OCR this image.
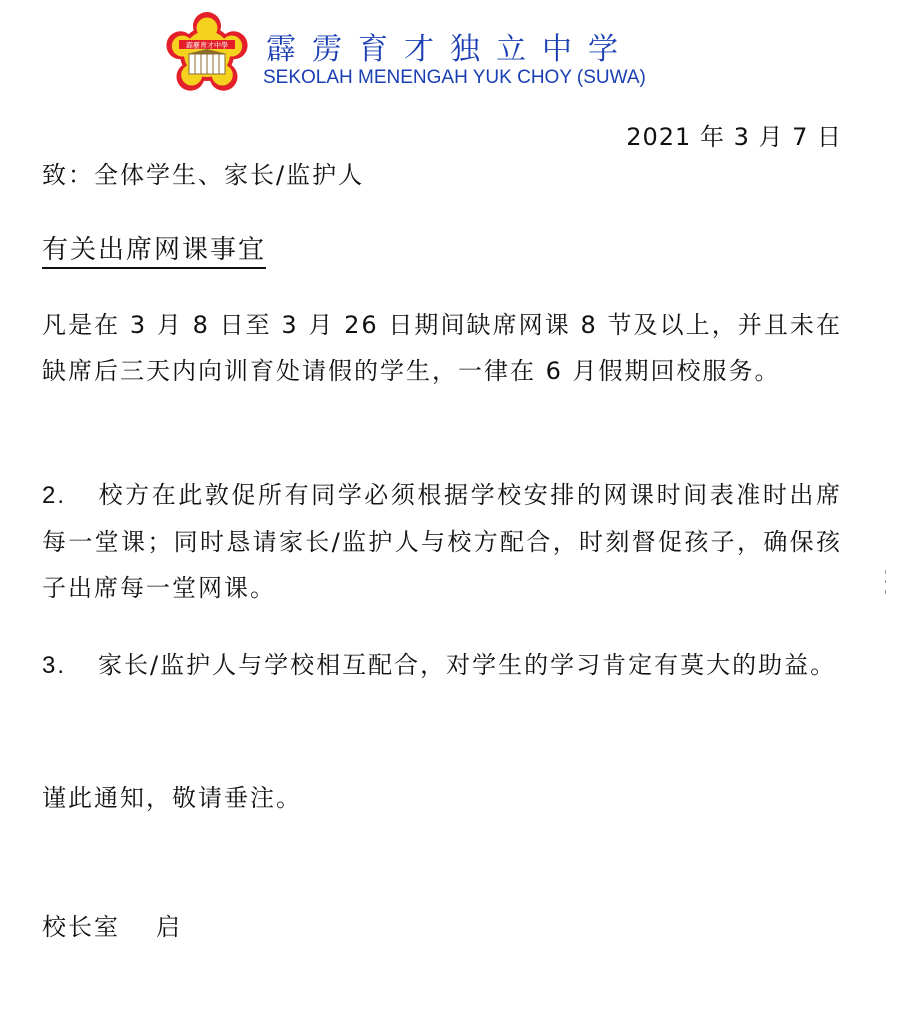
霹靂育才中學 霹雳育才独立中学
SEKOLAH MENENGAH YUK CHOY (SUWA)
2021 年 3 月 7 日
致：全体学生、家长/监护人
有关出席网课事宜
凡是在 3 月 8 日至 3 月 26 日期间缺席网课 8 节及以上，并且未在缺席后三天内向训育处请假的学生，一律在 6 月假期回校服务。
2. 校方在此敦促所有同学必须根据学校安排的网课时间表准时出席每一堂课；同时恳请家长/监护人与校方配合，时刻督促孩子，确保孩子出席每一堂网课。
3. 家长/监护人与学校相互配合，对学生的学习肯定有莫大的助益。
谨此通知，敬请垂注。
校长室 启
